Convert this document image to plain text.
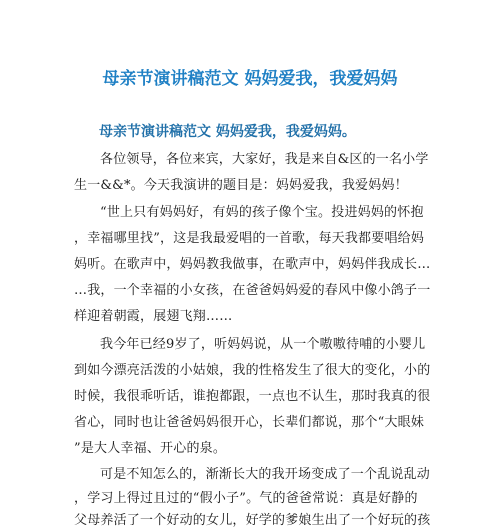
母亲节演讲稿范文 妈妈爱我，我爱妈妈
母亲节演讲稿范文 妈妈爱我，我爱妈妈。
各位领导，各位来宾，大家好，我是来自&区的一名小学
生一&&*。今天我演讲的题目是：妈妈爱我，我爱妈妈！
“世上只有妈妈好，有妈的孩子像个宝。投进妈妈的怀抱
，幸福哪里找”，这是我最爱唱的一首歌，每天我都要唱给妈
妈听。在歌声中，妈妈教我做事，在歌声中，妈妈伴我成长…
…我，一个幸福的小女孩，在爸爸妈妈爱的春风中像小鸽子一
样迎着朝霞，展翅飞翔……
我今年已经9岁了，听妈妈说，从一个嗷嗷待哺的小婴儿
到如今漂亮活泼的小姑娘，我的性格发生了很大的变化，小的
时候，我很乖听话，谁抱都跟，一点也不认生，那时我真的很
省心，同时也让爸爸妈妈很开心，长辈们都说，那个“大眼妹
”是大人幸福、开心的泉。
可是不知怎么的，渐渐长大的我开场变成了一个乱说乱动
，学习上得过且过的“假小子”。气的爸爸常说：真是好静的
父母养活了一个好动的女儿，好学的爹娘生出了一个好玩的孩
